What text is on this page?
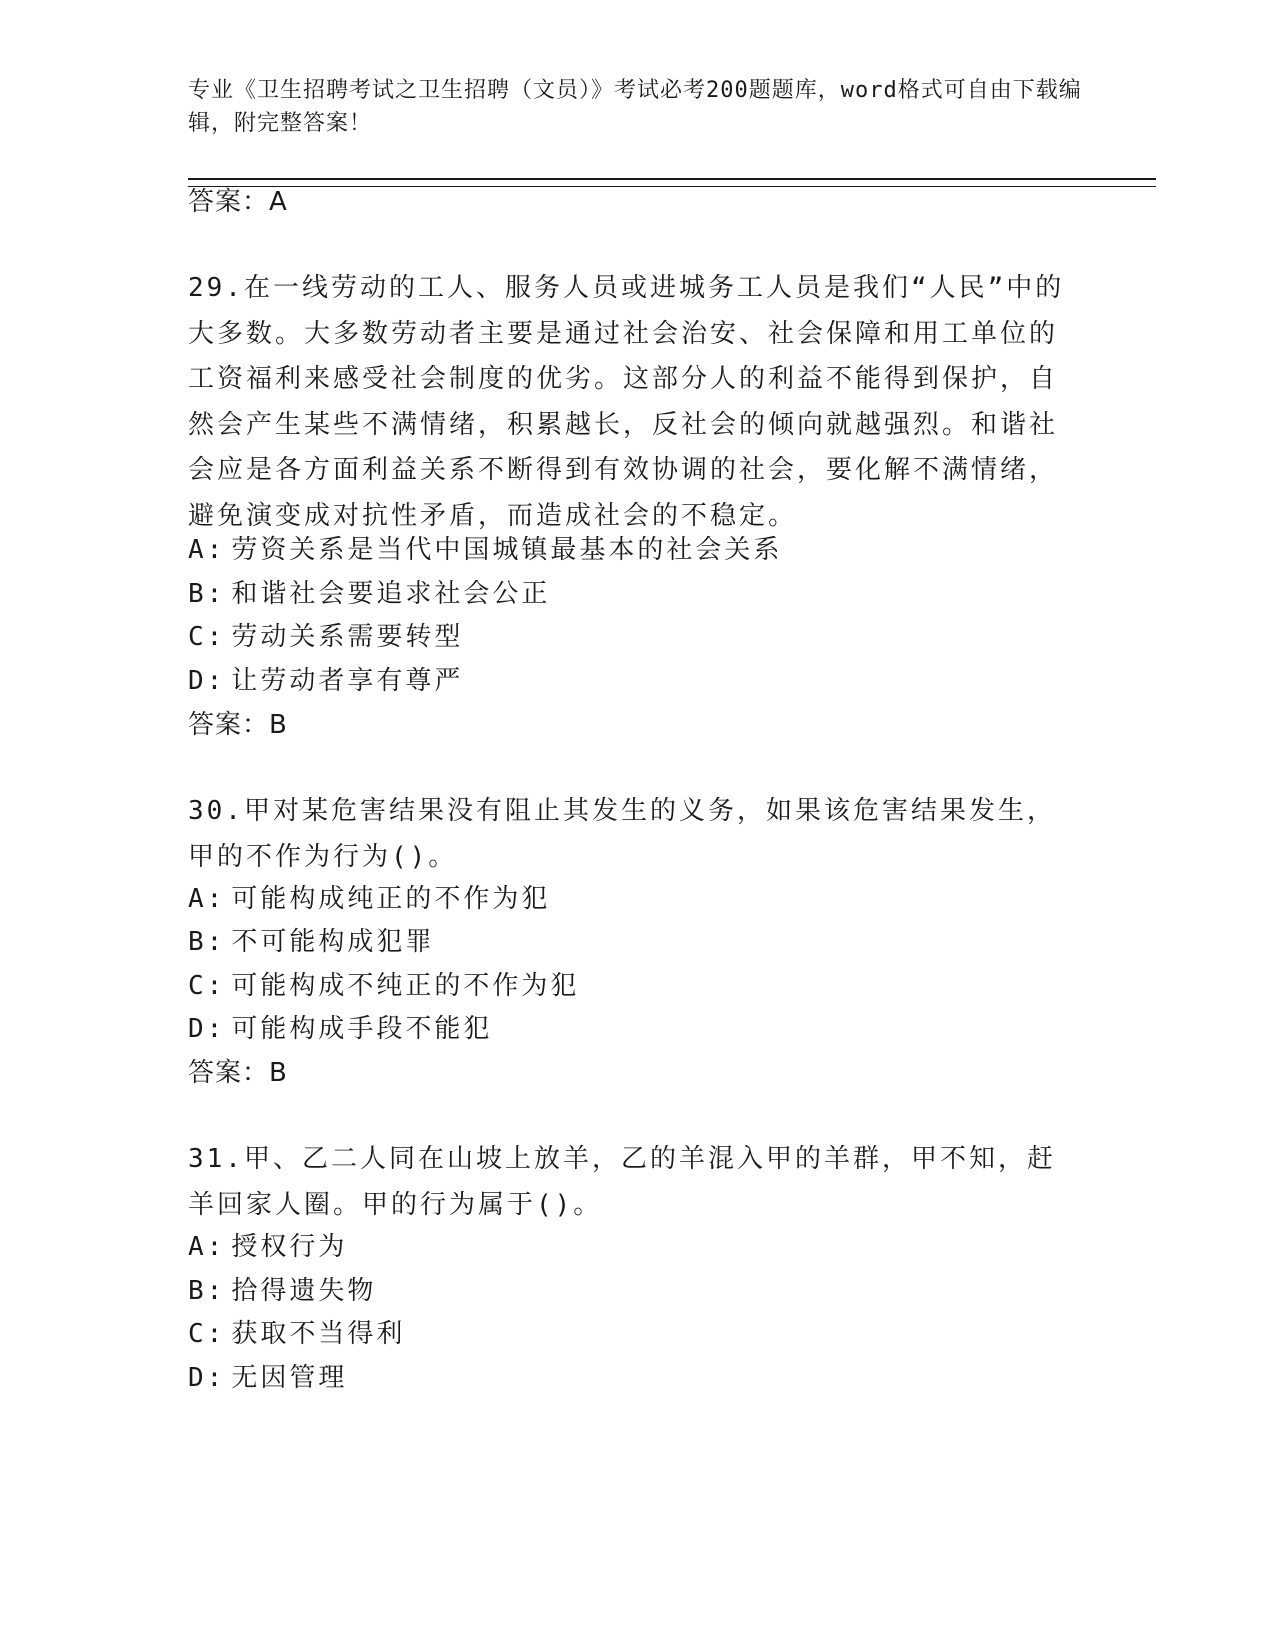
专业《卫生招聘考试之卫生招聘（文员）》考试必考200题题库，word格式可自由下载编辑，附完整答案！
答案：A
29.在一线劳动的工人、服务人员或进城务工人员是我们“人民”中的大多数。大多数劳动者主要是通过社会治安、社会保障和用工单位的工资福利来感受社会制度的优劣。这部分人的利益不能得到保护，自然会产生某些不满情绪，积累越长，反社会的倾向就越强烈。和谐社会应是各方面利益关系不断得到有效协调的社会，要化解不满情绪，避免演变成对抗性矛盾，而造成社会的不稳定。
A: 劳资关系是当代中国城镇最基本的社会关系
B: 和谐社会要追求社会公正
C: 劳动关系需要转型
D: 让劳动者享有尊严
答案：B
30.甲对某危害结果没有阻止其发生的义务，如果该危害结果发生，甲的不作为行为()。
A: 可能构成纯正的不作为犯
B: 不可能构成犯罪
C: 可能构成不纯正的不作为犯
D: 可能构成手段不能犯
答案：B
31.甲、乙二人同在山坡上放羊，乙的羊混入甲的羊群，甲不知，赶羊回家人圈。甲的行为属于()。
A: 授权行为
B: 拾得遗失物
C: 获取不当得利
D: 无因管理
